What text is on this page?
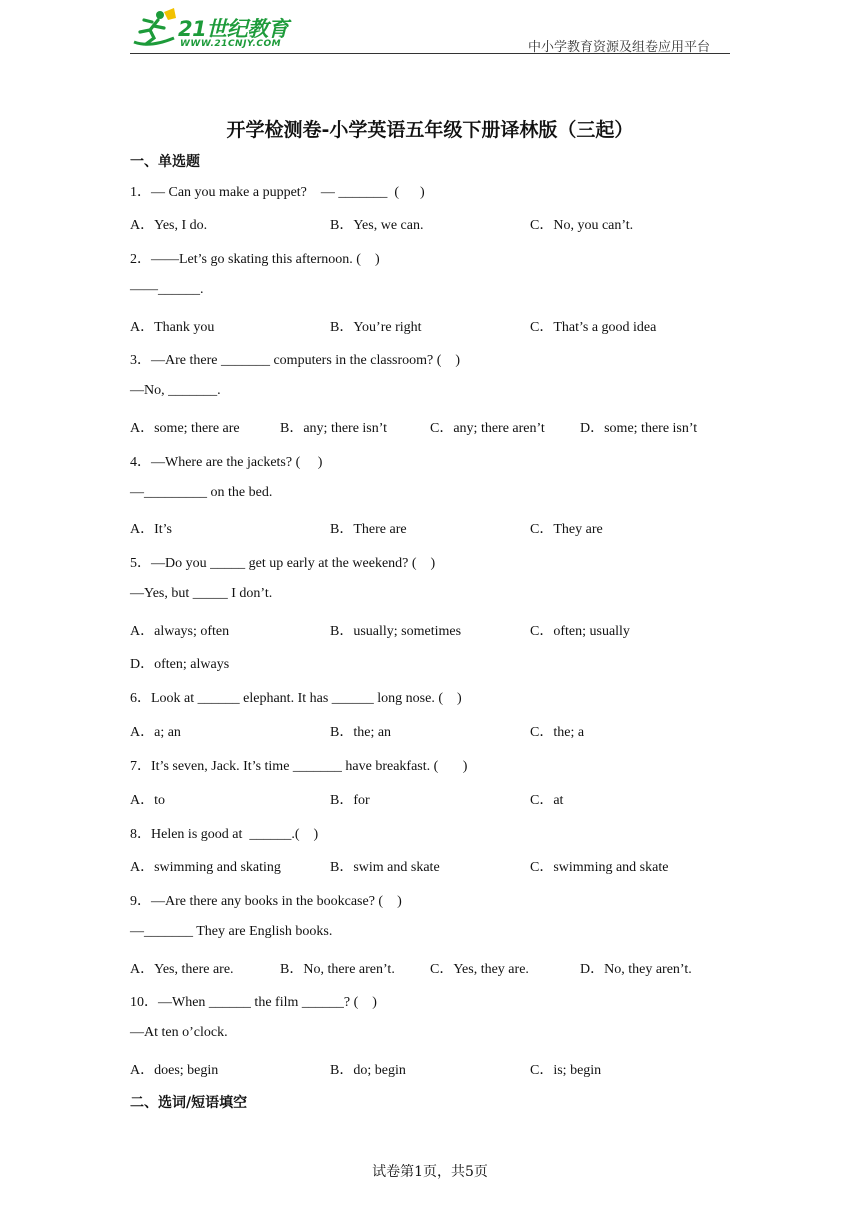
21世纪教育
WWW.21CNJY.COM	中小学教育资源及组卷应用平台
开学检测卷-小学英语五年级下册译林版（三起）
一、单选题
1．— Can you make a puppet?    — _______  (      )
A．Yes, I do.	B．Yes, we can.	C．No, you can’t.
2．——Let’s go skating this afternoon. (    )
——______.
A．Thank you	B．You’re right	C．That’s a good idea
3．—Are there _______ computers in the classroom? (    )
—No, _______.
A．some; there are	B．any; there isn’t	C．any; there aren’t	D．some; there isn’t
4．—Where are the jackets? (     )
—_________ on the bed.
A．It’s	B．There are	C．They are
5．—Do you _____ get up early at the weekend? (    )
—Yes, but _____ I don’t.
A．always; often	B．usually; sometimes	C．often; usually
D．often; always
6．Look at ______ elephant. It has ______ long nose. (    )
A．a; an	B．the; an	C．the; a
7．It’s seven, Jack. It’s time _______ have breakfast. (       )
A．to	B．for	C．at
8．Helen is good at  ______.(    )
A．swimming and skating	B．swim and skate	C．swimming and skate
9．—Are there any books in the bookcase? (    )
—_______ They are English books.
A．Yes, there are.	B．No, there aren’t.	C．Yes, they are.	D．No, they aren’t.
10．—When ______ the film ______? (    )
—At ten o’clock.
A．does; begin	B．do; begin	C．is; begin
二、选词/短语填空
试卷第1页，共5页
